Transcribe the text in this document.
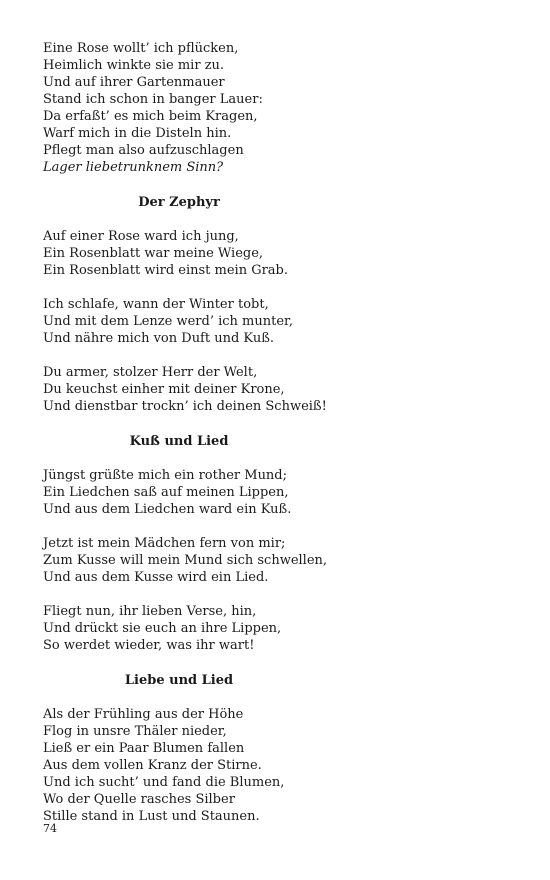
Eine Rose wollt’ ich pflücken,
Heimlich winkte sie mir zu.
Und auf ihrer Gartenmauer
Stand ich schon in banger Lauer:
Da erfaßt’ es mich beim Kragen,
Warf mich in die Disteln hin.
Pflegt man also aufzuschlagen
Lager liebetrunknem Sinn?
Der Zephyr
Auf einer Rose ward ich jung,
Ein Rosenblatt war meine Wiege,
Ein Rosenblatt wird einst mein Grab.
Ich schlafe, wann der Winter tobt,
Und mit dem Lenze werd’ ich munter,
Und nähre mich von Duft und Kuß.
Du armer, stolzer Herr der Welt,
Du keuchst einher mit deiner Krone,
Und dienstbar trockn’ ich deinen Schweiß!
Kuß und Lied
Jüngst grüßte mich ein rother Mund;
Ein Liedchen saß auf meinen Lippen,
Und aus dem Liedchen ward ein Kuß.
Jetzt ist mein Mädchen fern von mir;
Zum Kusse will mein Mund sich schwellen,
Und aus dem Kusse wird ein Lied.
Fliegt nun, ihr lieben Verse, hin,
Und drückt sie euch an ihre Lippen,
So werdet wieder, was ihr wart!
Liebe und Lied
Als der Frühling aus der Höhe
Flog in unsre Thäler nieder,
Ließ er ein Paar Blumen fallen
Aus dem vollen Kranz der Stirne.
Und ich sucht’ und fand die Blumen,
Wo der Quelle rasches Silber
Stille stand in Lust und Staunen.
74
